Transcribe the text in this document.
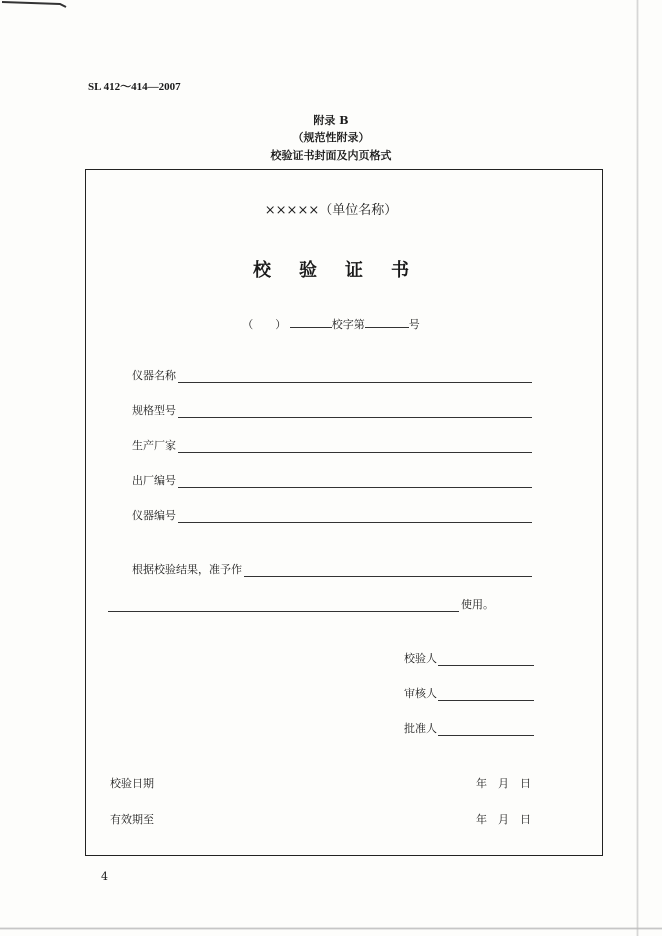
SL 412～414—2007
附录 B
（规范性附录）
校验证书封面及内页格式
×××××（单位名称）
校验证书
（　　）	校字第	号
仪器名称
规格型号
生产厂家
出厂编号
仪器编号
根据校验结果，准予作
使用。
校验人
审核人
批准人
校验日期	年 月 日
有效期至	年 月 日
4
